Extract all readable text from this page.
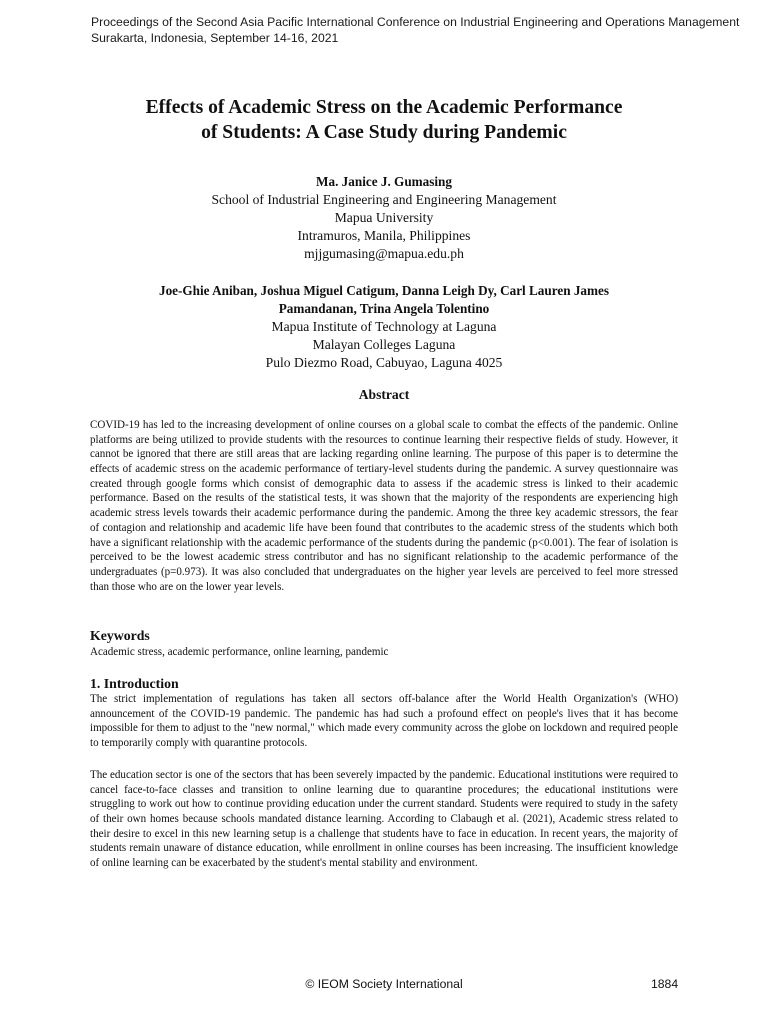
Proceedings of the Second Asia Pacific International Conference on Industrial Engineering and Operations Management
Surakarta, Indonesia, September 14-16, 2021
Effects of Academic Stress on the Academic Performance
of Students: A Case Study during Pandemic
Ma. Janice J. Gumasing
School of Industrial Engineering and Engineering Management
Mapua University
Intramuros, Manila, Philippines
mjjgumasing@mapua.edu.ph
Joe-Ghie Aniban, Joshua Miguel Catigum, Danna Leigh Dy, Carl Lauren James
Pamandanan, Trina Angela Tolentino
Mapua Institute of Technology at Laguna
Malayan Colleges Laguna
Pulo Diezmo Road, Cabuyao, Laguna 4025
Abstract

COVID-19 has led to the increasing development of online courses on a global scale to combat the effects of the pandemic. Online platforms are being utilized to provide students with the resources to continue learning their respective fields of study. However, it cannot be ignored that there are still areas that are lacking regarding online learning. The purpose of this paper is to determine the effects of academic stress on the academic performance of tertiary-level students during the pandemic. A survey questionnaire was created through google forms which consist of demographic data to assess if the academic stress is linked to their academic performance. Based on the results of the statistical tests, it was shown that the majority of the respondents are experiencing high academic stress levels towards their academic performance during the pandemic. Among the three key academic stressors, the fear of contagion and relationship and academic life have been found that contributes to the academic stress of the students which both have a significant relationship with the academic performance of the students during the pandemic (p<0.001). The fear of isolation is perceived to be the lowest academic stress contributor and has no significant relationship to the academic performance of the undergraduates (p=0.973). It was also concluded that undergraduates on the higher year levels are perceived to feel more stressed than those who are on the lower year levels.

Keywords

Academic stress, academic performance, online learning, pandemic

1. Introduction

The strict implementation of regulations has taken all sectors off-balance after the World Health Organization's (WHO) announcement of the COVID-19 pandemic. The pandemic has had such a profound effect on people's lives that it has become impossible for them to adjust to the "new normal," which made every community across the globe on lockdown and required people to temporarily comply with quarantine protocols.

The education sector is one of the sectors that has been severely impacted by the pandemic. Educational institutions were required to cancel face-to-face classes and transition to online learning due to quarantine procedures; the educational institutions were struggling to work out how to continue providing education under the current standard. Students were required to study in the safety of their own homes because schools mandated distance learning. According to Clabaugh et al. (2021), Academic stress related to their desire to excel in this new learning setup is a challenge that students have to face in education. In recent years, the majority of students remain unaware of distance education, while enrollment in online courses has been increasing. The insufficient knowledge of online learning can be exacerbated by the student's mental stability and environment.

© IEOM Society International	1884
